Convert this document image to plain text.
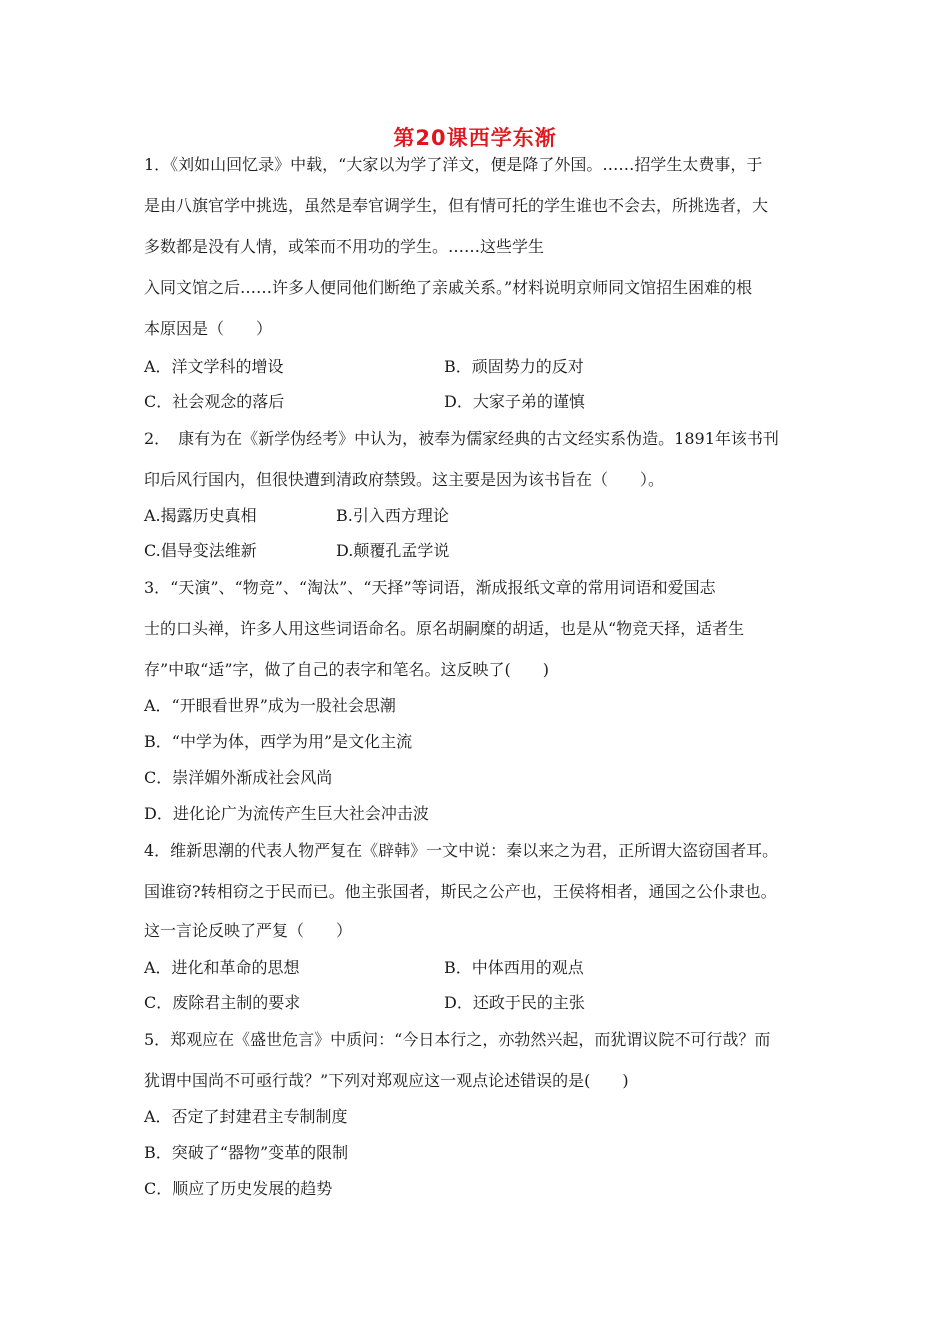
第20课西学东渐
1．《刘如山回忆录》中载，“大家以为学了洋文，便是降了外国。……招学生太费事，于
是由八旗官学中挑选，虽然是奉官调学生，但有情可托的学生谁也不会去，所挑选者，大
多数都是没有人情，或笨而不用功的学生。……这些学生
入同文馆之后……许多人便同他们断绝了亲戚关系。”材料说明京师同文馆招生困难的根
本原因是（　　）
A．洋文学科的增设	B．顽固势力的反对
C．社会观念的落后	D．大家子弟的谨慎
2．　康有为在《新学伪经考》中认为，被奉为儒家经典的古文经实系伪造。1891年该书刊
印后风行国内，但很快遭到清政府禁毁。这主要是因为该书旨在（　　）。
A.揭露历史真相	B.引入西方理论
C.倡导变法维新	D.颠覆孔孟学说
3．“天演”、“物竞”、“淘汰”、“天择”等词语，渐成报纸文章的常用词语和爱国志
士的口头禅，许多人用这些词语命名。原名胡嗣糜的胡适，也是从“物竞天择，适者生
存”中取“适”字，做了自己的表字和笔名。这反映了(　　)
A．“开眼看世界”成为一股社会思潮
B．“中学为体，西学为用”是文化主流
C．崇洋媚外渐成社会风尚
D．进化论广为流传产生巨大社会冲击波
4．维新思潮的代表人物严复在《辟韩》一文中说：秦以来之为君，正所谓大盗窃国者耳。
国谁窃?转相窃之于民而已。他主张国者，斯民之公产也，王侯将相者，通国之公仆隶也。
这一言论反映了严复（　　）
A．进化和革命的思想	B．中体西用的观点
C．废除君主制的要求	D．还政于民的主张
5．郑观应在《盛世危言》中质问：“今日本行之，亦勃然兴起，而犹谓议院不可行哉？而
犹谓中国尚不可亟行哉？”下列对郑观应这一观点论述错误的是(　　)
A．否定了封建君主专制制度
B．突破了“器物”变革的限制
C．顺应了历史发展的趋势
